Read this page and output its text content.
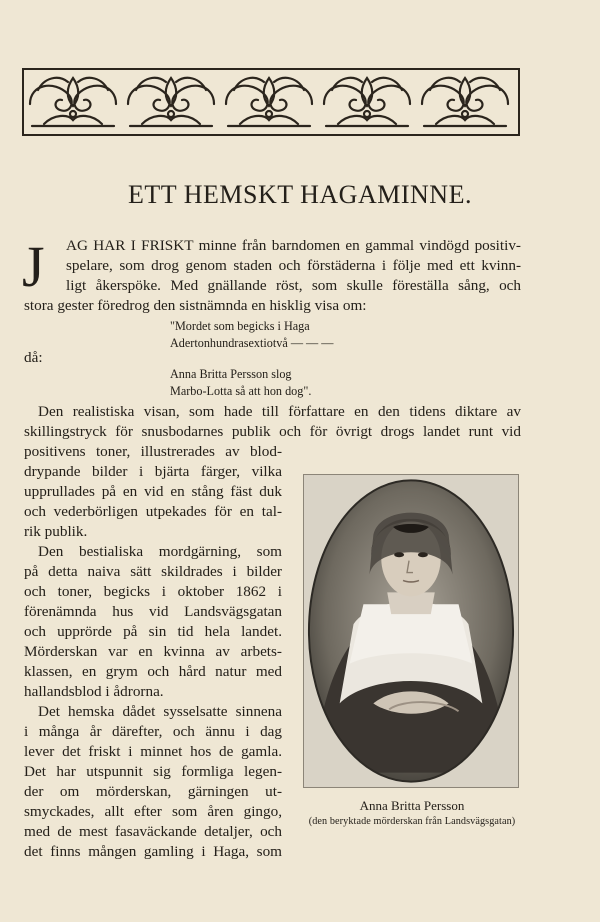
ETT HEMSKT HAGAMINNE.
J AG HAR I FRISKT minne från barndomen en gammal vindögd positiv-
spelare, som drog genom staden och förstäderna i följe med ett kvinn-
ligt åkerspöke. Med gnällande röst, som skulle föreställa sång, och
stora gester föredrog den sistnämnda en hisklig visa om:
"Mordet som begicks i Haga
Adertonhundrasextiotvå — — —
Anna Britta Persson slog
Marbo-Lotta så att hon dog".
då:
Den realistiska visan, som hade till författare en den tidens diktare av
skillingstryck för snusbodarnes publik och för övrigt drogs landet runt vid
positivens toner, illustrerades av blod-
drypande bilder i bjärta färger, vilka
upprullades på en vid en stång fäst duk
och vederbörligen utpekades för en tal-
rik publik.
Den bestialiska mordgärning, som
på detta naiva sätt skildrades i bilder
och toner, begicks i oktober 1862 i
förenämnda hus vid Landsvägsgatan
och upprörde på sin tid hela landet.
Mörderskan var en kvinna av arbets-
klassen, en grym och hård natur med
hallandsblod i ådrorna.
Det hemska dådet sysselsatte sinnena
i många år därefter, och ännu i dag
lever det friskt i minnet hos de gamla.
Det har utspunnit sig formliga legen-
der om mörderskan, gärningen ut-
smyckades, allt efter som åren gingo,
med de mest fasaväckande detaljer, och
det finns mången gamling i Haga, som
Anna Britta Persson
(den beryktade mörderskan från Landsvägsgatan)
